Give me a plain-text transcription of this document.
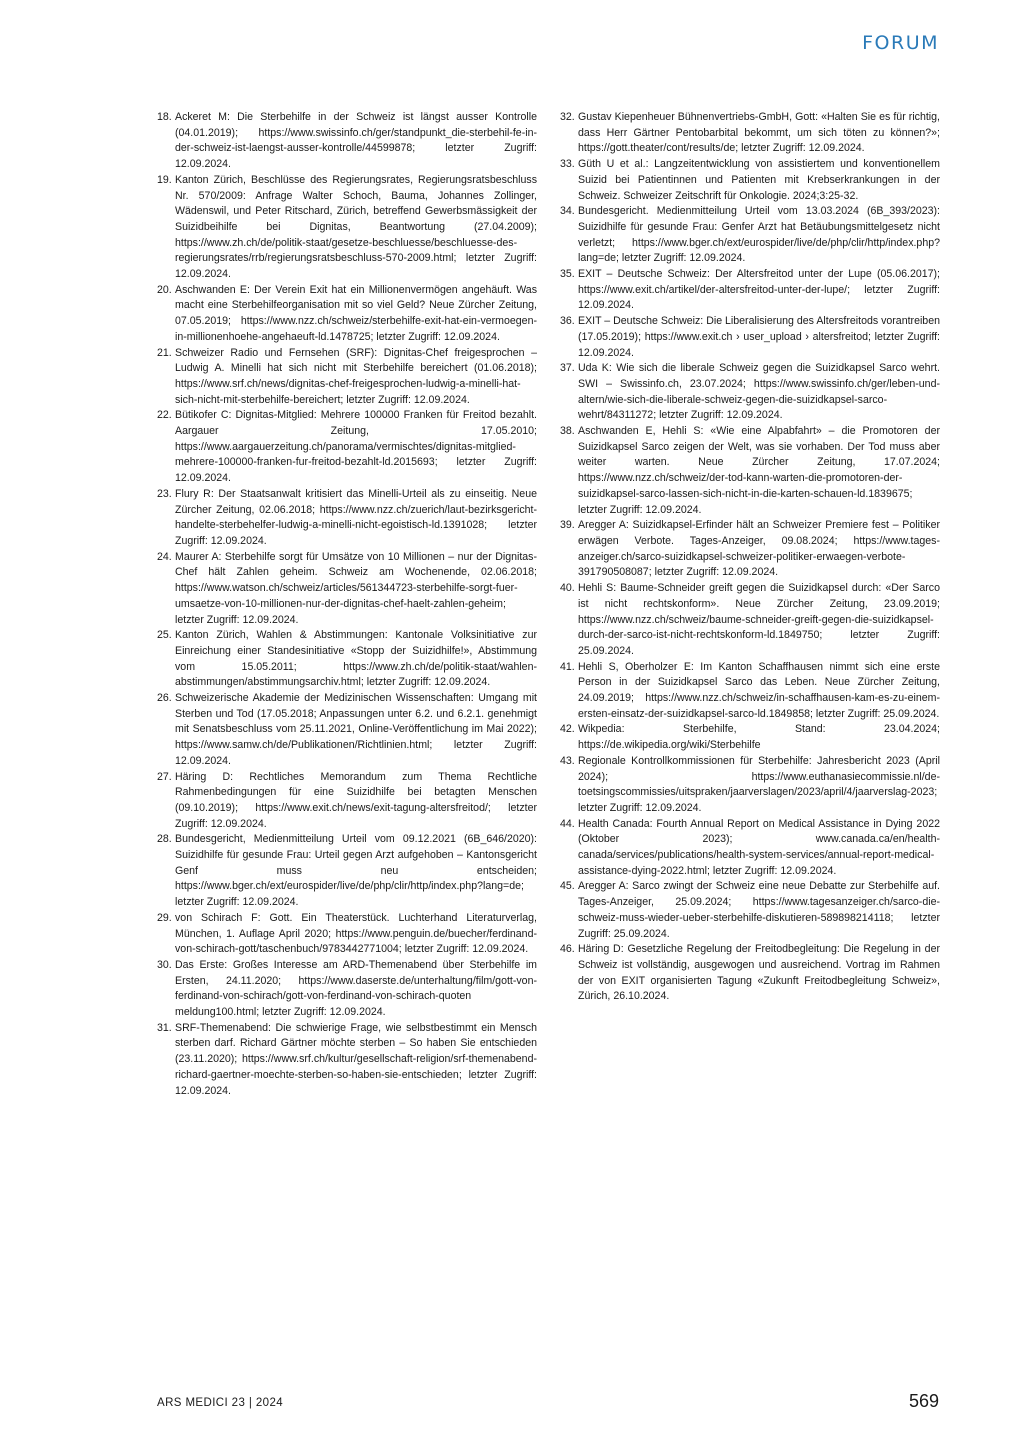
FORUM
18. Ackeret M: Die Sterbehilfe in der Schweiz ist längst ausser Kontrolle (04.01.2019); https://www.swissinfo.ch/ger/standpunkt_die-sterbehil-fe-in-der-schweiz-ist-laengst-ausser-kontrolle/44599878; letzter Zugriff: 12.09.2024.
19. Kanton Zürich, Beschlüsse des Regierungsrates, Regierungsratsbeschluss Nr. 570/2009: Anfrage Walter Schoch, Bauma, Johannes Zollinger, Wädenswil, und Peter Ritschard, Zürich, betreffend Gewerbsmässigkeit der Suizidbeihilfe bei Dignitas, Beantwortung (27.04.2009); https://www.zh.ch/de/politik-staat/gesetze-beschluesse/beschluesse-des-regierungsrates/rrb/regierungsratsbeschluss-570-2009.html; letzter Zugriff: 12.09.2024.
20. Aschwanden E: Der Verein Exit hat ein Millionenvermögen angehäuft. Was macht eine Sterbehilfeorganisation mit so viel Geld? Neue Zürcher Zeitung, 07.05.2019; https://www.nzz.ch/schweiz/sterbehilfe-exit-hat-ein-vermoegen-in-millionenhoehe-angehaeuft-ld.1478725; letzter Zugriff: 12.09.2024.
21. Schweizer Radio und Fernsehen (SRF): Dignitas-Chef freigesprochen – Ludwig A. Minelli hat sich nicht mit Sterbehilfe bereichert (01.06.2018); https://www.srf.ch/news/dignitas-chef-freigesprochen-ludwig-a-minelli-hat-sich-nicht-mit-sterbehilfe-bereichert; letzter Zugriff: 12.09.2024.
22. Bütikofer C: Dignitas-Mitglied: Mehrere 100000 Franken für Freitod bezahlt. Aargauer Zeitung, 17.05.2010; https://www.aargauerzeitung.ch/panorama/vermischtes/dignitas-mitglied-mehrere-100000-franken-fur-freitod-bezahlt-ld.2015693; letzter Zugriff: 12.09.2024.
23. Flury R: Der Staatsanwalt kritisiert das Minelli-Urteil als zu einseitig. Neue Zürcher Zeitung, 02.06.2018; https://www.nzz.ch/zuerich/laut-bezirksgericht-handelte-sterbehelfer-ludwig-a-minelli-nicht-egoistisch-ld.1391028; letzter Zugriff: 12.09.2024.
24. Maurer A: Sterbehilfe sorgt für Umsätze von 10 Millionen – nur der Dignitas-Chef hält Zahlen geheim. Schweiz am Wochenende, 02.06.2018; https://www.watson.ch/schweiz/articles/561344723-sterbehilfe-sorgt-fuer-umsaetze-von-10-millionen-nur-der-dignitas-chef-haelt-zahlen-geheim; letzter Zugriff: 12.09.2024.
25. Kanton Zürich, Wahlen & Abstimmungen: Kantonale Volksinitiative zur Einreichung einer Standesinitiative «Stopp der Suizidhilfe!», Abstimmung vom 15.05.2011; https://www.zh.ch/de/politik-staat/wahlen-abstimmungen/abstimmungsarchiv.html; letzter Zugriff: 12.09.2024.
26. Schweizerische Akademie der Medizinischen Wissenschaften: Umgang mit Sterben und Tod (17.05.2018; Anpassungen unter 6.2. und 6.2.1. genehmigt mit Senatsbeschluss vom 25.11.2021, Online-Veröffentlichung im Mai 2022); https://www.samw.ch/de/Publikationen/Richtlinien.html; letzter Zugriff: 12.09.2024.
27. Häring D: Rechtliches Memorandum zum Thema Rechtliche Rahmenbedingungen für eine Suizidhilfe bei betagten Menschen (09.10.2019); https://www.exit.ch/news/exit-tagung-altersfreitod/; letzter Zugriff: 12.09.2024.
28. Bundesgericht, Medienmitteilung Urteil vom 09.12.2021 (6B_646/2020): Suizidhilfe für gesunde Frau: Urteil gegen Arzt aufgehoben – Kantonsgericht Genf muss neu entscheiden; https://www.bger.ch/ext/eurospider/live/de/php/clir/http/index.php?lang=de; letzter Zugriff: 12.09.2024.
29. von Schirach F: Gott. Ein Theaterstück. Luchterhand Literaturverlag, München, 1. Auflage April 2020; https://www.penguin.de/buecher/ferdinand-von-schirach-gott/taschenbuch/9783442771004; letzter Zugriff: 12.09.2024.
30. Das Erste: Großes Interesse am ARD-Themenabend über Sterbehilfe im Ersten, 24.11.2020; https://www.daserste.de/unterhaltung/film/gott-von-ferdinand-von-schirach/gott-von-ferdinand-von-schirach-quoten meldung100.html; letzter Zugriff: 12.09.2024.
31. SRF-Themenabend: Die schwierige Frage, wie selbstbestimmt ein Mensch sterben darf. Richard Gärtner möchte sterben – So haben Sie entschieden (23.11.2020); https://www.srf.ch/kultur/gesellschaft-religion/srf-themenabend-richard-gaertner-moechte-sterben-so-haben-sie-entschieden; letzter Zugriff: 12.09.2024.
32. Gustav Kiepenheuer Bühnenvertriebs-GmbH, Gott: «Halten Sie es für richtig, dass Herr Gärtner Pentobarbital bekommt, um sich töten zu können?»; https://gott.theater/cont/results/de; letzter Zugriff: 12.09.2024.
33. Güth U et al.: Langzeitentwicklung von assistiertem und konventionellem Suizid bei Patientinnen und Patienten mit Krebserkrankungen in der Schweiz. Schweizer Zeitschrift für Onkologie. 2024;3:25-32.
34. Bundesgericht. Medienmitteilung Urteil vom 13.03.2024 (6B_393/2023): Suizidhilfe für gesunde Frau: Genfer Arzt hat Betäubungsmittelgesetz nicht verletzt; https://www.bger.ch/ext/eurospider/live/de/php/clir/http/index.php?lang=de; letzter Zugriff: 12.09.2024.
35. EXIT – Deutsche Schweiz: Der Altersfreitod unter der Lupe (05.06.2017); https://www.exit.ch/artikel/der-altersfreitod-unter-der-lupe/; letzter Zugriff: 12.09.2024.
36. EXIT – Deutsche Schweiz: Die Liberalisierung des Altersfreitods vorantreiben (17.05.2019); https://www.exit.ch › user_upload › altersfreitod; letzter Zugriff: 12.09.2024.
37. Uda K: Wie sich die liberale Schweiz gegen die Suizidkapsel Sarco wehrt. SWI – Swissinfo.ch, 23.07.2024; https://www.swissinfo.ch/ger/leben-und-altern/wie-sich-die-liberale-schweiz-gegen-die-suizidkapsel-sarco-wehrt/84311272; letzter Zugriff: 12.09.2024.
38. Aschwanden E, Hehli S: «Wie eine Alpabfahrt» – die Promotoren der Suizidkapsel Sarco zeigen der Welt, was sie vorhaben. Der Tod muss aber weiter warten. Neue Zürcher Zeitung, 17.07.2024; https://www.nzz.ch/schweiz/der-tod-kann-warten-die-promotoren-der-suizidkapsel-sarco-lassen-sich-nicht-in-die-karten-schauen-ld.1839675; letzter Zugriff: 12.09.2024.
39. Aregger A: Suizidkapsel-Erfinder hält an Schweizer Premiere fest – Politiker erwägen Verbote. Tages-Anzeiger, 09.08.2024; https://www.tages-anzeiger.ch/sarco-suizidkapsel-schweizer-politiker-erwaegen-verbote-391790508087; letzter Zugriff: 12.09.2024.
40. Hehli S: Baume-Schneider greift gegen die Suizidkapsel durch: «Der Sarco ist nicht rechtskonform». Neue Zürcher Zeitung, 23.09.2019; https://www.nzz.ch/schweiz/baume-schneider-greift-gegen-die-suizidkapsel-durch-der-sarco-ist-nicht-rechtskonform-ld.1849750; letzter Zugriff: 25.09.2024.
41. Hehli S, Oberholzer E: Im Kanton Schaffhausen nimmt sich eine erste Person in der Suizidkapsel Sarco das Leben. Neue Zürcher Zeitung, 24.09.2019; https://www.nzz.ch/schweiz/in-schaffhausen-kam-es-zu-einem-ersten-einsatz-der-suizidkapsel-sarco-ld.1849858; letzter Zugriff: 25.09.2024.
42. Wikpedia: Sterbehilfe, Stand: 23.04.2024; https://de.wikipedia.org/wiki/Sterbehilfe
43. Regionale Kontrollkommissionen für Sterbehilfe: Jahresbericht 2023 (April 2024); https://www.euthanasiecommissie.nl/de-toetsingscommissies/uitspraken/jaarverslagen/2023/april/4/jaarverslag-2023; letzter Zugriff: 12.09.2024.
44. Health Canada: Fourth Annual Report on Medical Assistance in Dying 2022 (Oktober 2023); www.canada.ca/en/health-canada/services/publications/health-system-services/annual-report-medical-assistance-dying-2022.html; letzter Zugriff: 12.09.2024.
45. Aregger A: Sarco zwingt der Schweiz eine neue Debatte zur Sterbehilfe auf. Tages-Anzeiger, 25.09.2024; https://www.tagesanzeiger.ch/sarco-die-schweiz-muss-wieder-ueber-sterbehilfe-diskutieren-589898214118; letzter Zugriff: 25.09.2024.
46. Häring D: Gesetzliche Regelung der Freitodbegleitung: Die Regelung in der Schweiz ist vollständig, ausgewogen und ausreichend. Vortrag im Rahmen der von EXIT organisierten Tagung «Zukunft Freitodbegleitung Schweiz», Zürich, 26.10.2024.
ARS MEDICI 23 | 2024	569
